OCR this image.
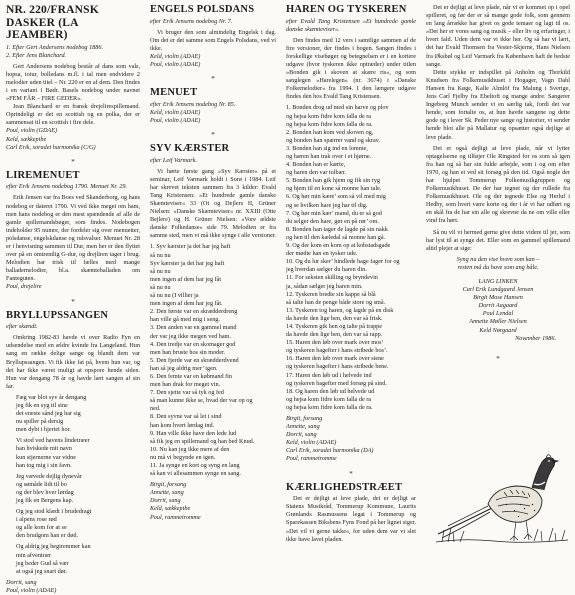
NR. 220/FRANSK DASKER (LA JEAMBER)

1. Efter Gert Andersens nodebog 1886.

2. Efter Jens Blanchard.

Gert Andersens nodebog består af dans som vals, hopsa, totur, bolledans m.fl. i tal men endvidere 2 melodier uden titel – Nr. 220 er en af dem. Den findes i en variant i Bødr. Basels nodebog under navnet »FEM FÅR – FIRE GEDER«.

Jean Blanchard er en fransk drejelirespillemand. Oprindeligt er det en scottish og en polka, der er sammensat til en scottish i fire delе.

Poul, violin (GDAE)

Keld, sækkepibe

Carl Erik, soradet harmonika (C/G)

*
LIREMENUET

efter Erik Jensens nodebog 1790. Menuet Nr. 29.

Erik Jensen var fra Boes ved Skanderborg, og hans nodebog er dateret 1790. Vi ved ikke meget om ham, men hans nodebog er den mest spændende af alle de gamle spillemandsbøger, som findes. Nodebogen indeholder 95 numre, der fordeler sig over menuetter, polsdanse, engelskdanse og rulsvalser. Menuet Nr. 28 er i henvisning sammen til Dur, men her er den flyttet over på en omtrentlig G-dur, og drejliren tager i brug. Melodien har trisk til fælles med mange balladernelodier, bl.a. skæmteballaden om Fanteguten.

Poul, drejelire

*
BRYLLUPSSANGEN

efter skændt.

Omkring 1982-83 havde vi over Radio Fyn en udsendelse med en ældre kvinde fra Langeland. Hun sang en række delige sange og blandt dem var Bryllupssangen. Vi fik ikke fat på, hvem hun var, og det har ikke været muligt at opspore hende siden. Hun var dengang 78 år og havde lært sangen af sin far.

Fæg var blot syv år dengang
jeg fik en syg til sine
det eneste sånd jeg har sig
nu spiller på dersig
men dybt i hjertet hor.
Vi stod ved havens lindetræer
han hviskede mit navn
kun stjernerne var vidne
han tog mig i sin favn.
Jeg vævede dejlig dynevår
og sømåde lidt til bo
og der blev hver lørdag
jeg fik en Bergens kap.
Og jeg stod klædt i brudedragt
i alpens rose rød
og alle kom for at se
den brudgom han er død.
Og aldrig jeg begiremmer kan
min afventrær
jeg beder Gud så vær
at også jeg snart dør.

Dorrit, sang

Poul, violin (ADAE)

ENGELS POLSDANS

efter Erik Jensens nodebog Nr. 7.

Vi bruger den som almindelig Engelsk i dag. Om det er det samme som Engels Polsdans, ved vi ikke.

Keld, violin (ADAE)

Poul, violin (ADAE)

*
MENUET

efter Erik Jensens nodebog Nr. 85.

Keld, violin (ADAE)

Poul, violin (ADAE)

*
SYV KÆRSTER

efter Leif Varmark.

Vi hørte første gang »Syv Kærster« på et seminar, Leif Varmark holdt i Sorø i 1984. Leif har skrevet teksten sammen fra 3 kilder: Evald Tang Kristensen: »Et hundrede gamle danske Skæmteviser« 33 (Ot og Dejlers II, Grüner Nielsen: »Danske Skæmteviser« nr. XXIII (Otte Bejlere) og H. Grüner Nielsen: »Vore ældste danske Folkedanse« side 79. Melodien er fra samme sted, men vi må ikke synge i alle versioner.

1. Syv kærster ja det har jeg haft
så nu nu
Syv kærster ja det har jeg haft
så nu nu
men ingen af dem har jeg fåt
så nu nu
så nu nu (I villier ja
men ingen af dem har jeg fåt.
2. Den første var en skrædderdreng
han ville gå med mig i seng.
3. Den anden var en gammel mand
der var jeg ikke megen ved ham.
4. Den tredje var en skomager god
men han bruste hos sin moder.
5. Den fjerde var en skrædderdvend
han så jeg aldrig mer’ igen.
6. Den femte var en købmand fin
men han drak for meget vin.
7. Den sjette var så tyk og fed
så man kunne ikke se, hvad der var op og
ned.
8. Den syvne var så let i sind
han kom hvert lørdag ind.
9. Han ville ikke have den lede lud
så fik jeg en spillemand og han bed Knud.
10. Nu kan jeg ikke mere af den
nu må vi begynde en igen.
11. Ja synge en kort og syng en lang
så kan vi allesammen synge en sang.

Birgit, forsang

Annette, sang

Dorrit, sang

Keld, sækkepibe

Poul, rammetromme

HAREN OG TYSKEREN

efter Evald Tang Kristensen »Et hundrede gamle danske skæmteviser«.

Den findes med 12 vers i samtlige sammen af de fire versioner, der findes i bogen. Sangen findes i forskellige visebøger og betegnelsen er i en kortere udgave (hvor tyskeren ikke optræder) under titlen »Bonden gik i skoven at skære ris«, og som sanglegen »Harelegen« (nr. 3674) i »Danske Folkemelodier« fra 1994. I den længere udgave findes den hos Evald Tang Kristensen.

1. Bonden drog ud med sin harve og plov
og hejsa kom fidre kom falla de ra
og hejsa kom fidre kom falla de ra.
2. Bonden han kom ved skoven og,
og bonden han spærrer vand og skrav.
3. Bonden han sig ind en lomme,
og hæren han trak over i et hjørne.
4. Bonden han er kærte,
og haren den var tolbær.
5. Bonden han gik hjem og fik sin ryg
og hjem til en kone så monne han tale.
6. Og hør min kære’ som så vil med mig
og se hvilken hare jeg har til dig.
7. Og hør min kær’ mand, du er så god
du selger den hare, gør en på rør’ om.
8. Bonden han tager de lagde på sin nakk
og hen til den kæledal så monne han gå.
9. Og der kom en kom op at kobstadsgade
der mødte han en tysker ude.
10. Og du lur sker’ hindlede hage fager for og
jeg hverdan sælger du haren din.
11. For seksten skilling og bryndevin
ja, sådan sælger jeg haren min.
12. Tyskeren bredte sin kappe så blå
så talte han de penge både store og små.
13. Tyskeren tog haren, og lagde på en disk
da havde den lige ben, den var så frisk.
14. Tyskeren gik hen og talte på trappe
da havde den lige ben, den var så rapp.
15. Haren den løb over mark over mos’
og tyskeren bagefter i hans stribede bos’.
16. Haren den løb over mark over stene
og tyskeren bagefter i hans stribede bene.
17. Haren den løb ud i helvede ind
og tyskeren bagefter med forsøg på sind.
18. Og haren den løb ud helvede ud
og hejsa kom fidre kom falla de ra
og hejsa kom fidre kom falla de ra.

Birgit, forsang

Annette, sang

Dorrit, sang

Keld, violin (ADAE)

Carl Erik, soradet harmonika (DA)

Poul, rammetromme

*
KÆRLIGHEDSTRÆET

Det er dejligt at leve plade, det er dejligt ar Statens Musikråd, Tommerup Kommune, Laurits Grønlands Rasmussens legat i Tommerup og Sparekassen Biksbens Fyns Fond på her lignet siger. »Det vil vi gerne takke«, for uden dem var vi slet ikke have lavet pladen.

Det er dejligt at leve plade, når vi er kommet op i opel spilleret, og før der er så mange gode folk, som gennem en lang årrække har givet os gode temaer og lagt til os. »Det her er vores sang og musik – eller liv og erfaringer, i hvert fald. Uden dem var vi ikke her. Og så har vi lært, det har Evald Thomsen fra Vester-Skjerne, Hans Nielsen fra Øksbøl og Leif Varmark fra København haft de bedste sange.

Dette stykke er indspillet på Anholm og Thorkild Knudsen fra Folkemusikhuset i Hogager, Vagn Dahl Hansen fra Køge, Kalle Almlöf fra Malung i Sverige, Jens Carl Fjelby fra Ebeltoft og mange andre. Sangerer Ingeborg Munch sender vi en særlig tak, fordi det var hende, som fortalte os, at hun havde sangene og dette gode og i lever Sk. Peder nye sange og historier, vi sender hende blot alle på Mallatur og opsætter også dejlige at leve plade.

Det er også dejligt at leve plade, når vi lytter optagelserne og tilføjer Ole Ringsted for os som så igen fra han og så har sin fulde arbejde, som i og om efter 1970, og han et ved sit forsøg på den tid. Også nogle der har hjulpet Tommerup Folkemusikgruppen og Folkemusikhuset. De der har tegnet og der rullede fra Folkemusikhuset. Ole og der tegnede Else og Herluf i Hedby, som hvert være korte og der i år vi har udført og en skål fra de har sin alle og skrevne da ne om ville eller vind fra hørt.

Så nu vil vi hermed gerne give dette videre til jer, som har lyst til at synge det. Eller som en gammel spillemand altid plejer at sige:

Syng nu den vise hvem som kan –

resten må du have som ang båle.

LANG LINKEN

Carl Erik Lundgaard Jensen

Birgit Mose Hansen

Dorrit Aagaard

Poul Lendal

Annette Møller Nielsen

Keld Nørgaard

November 1986.

*
